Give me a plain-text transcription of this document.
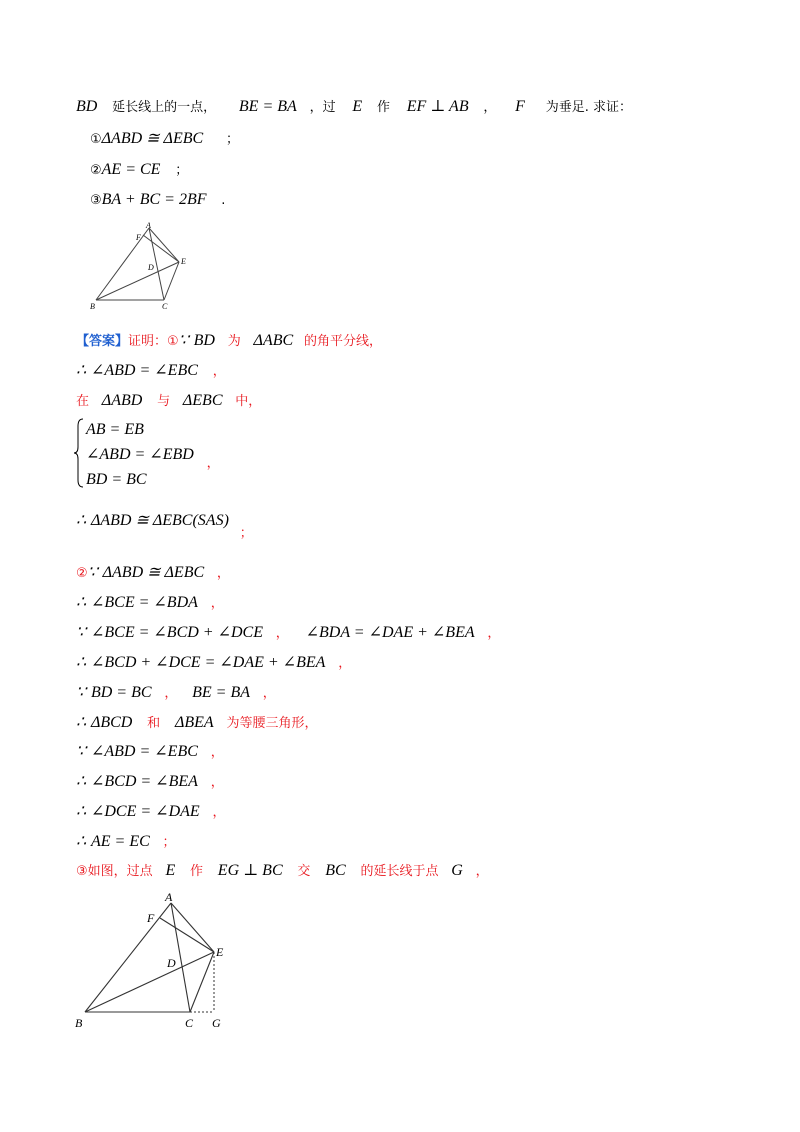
BD 延长线上的一点， BE = BA ，过 E 作 EF ⊥ AB ， F 为垂足. 求证：
①ΔABD ≅ ΔEBC ；
②AE = CE ；
③BA + BC = 2BF .
A
F
E
D
B	C
【答案】证明：①∵ BD 为 ΔABC 的角平分线，
∴ ∠ABD = ∠EBC ，
在 ΔABD 与 ΔEBC 中，
AB = EB
∠ABD = ∠EBD ，
BD = BC
∴ ΔABD ≅ ΔEBC(SAS) ；
②∵ ΔABD ≅ ΔEBC ，
∴ ∠BCE = ∠BDA ，
∵ ∠BCE = ∠BCD + ∠DCE ， ∠BDA = ∠DAE + ∠BEA ，
∴ ∠BCD + ∠DCE = ∠DAE + ∠BEA ，
∵ BD = BC ， BE = BA ，
∴ ΔBCD 和 ΔBEA 为等腰三角形，
∵ ∠ABD = ∠EBC ，
∴ ∠BCD = ∠BEA ，
∴ ∠DCE = ∠DAE ，
∴ AE = EC ；
③如图，过点 E 作 EG ⊥ BC 交 BC 的延长线于点 G ，
A
F
E
D
B	C G
